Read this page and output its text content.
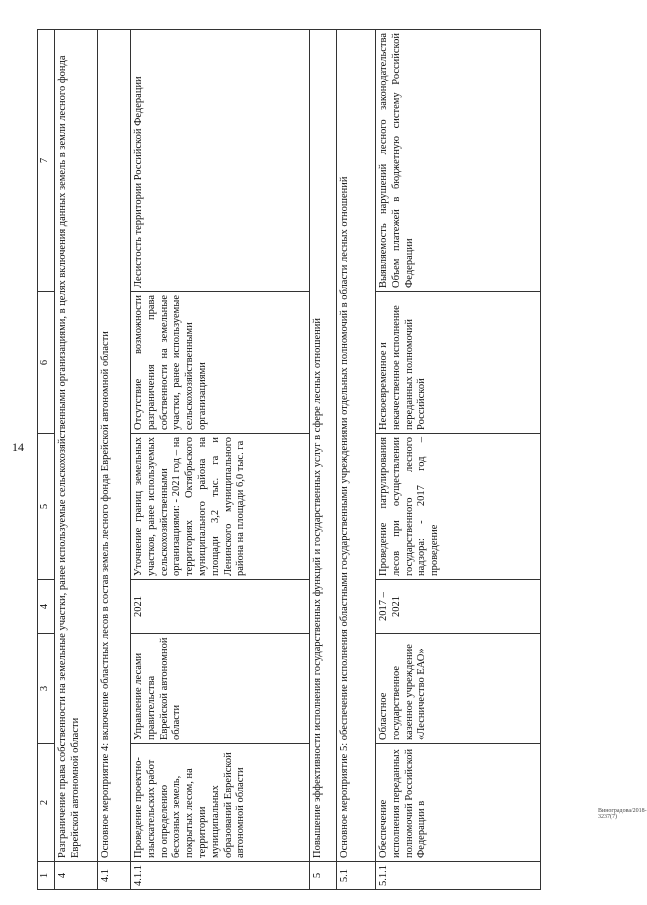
14
Виноградова/2018-3237(7)
1	2	3	4	5	6	7
4	Разграничение права собственности на земельные участки, ранее используемые сельскохозяйственными организациями, в целях включения данных земель в земли лесного фонда Еврейской автономной области					
4.1	Основное мероприятие 4: включение областных лесов в состав земель лесного фонда Еврейской автономной области					
4.1.1	Проведение проектно-изыскательских работ по определению бесхозных земель, покрытых лесом, на территории муниципальных образований Еврейской автономной области	Управление лесами правительства Еврейской автономной области	2021	Уточнение границ земельных участков, ранее используемых сельскохозяйственными организациями: - 2021 год – на территориях Октябрьского муниципального района на площади 3,2 тыс. га и Ленинского муниципального района на площади 6,0 тыс. га	Отсутствие возможности разграничения права собственности на земельные участки, ранее используемые сельскохозяйственными организациями	Лесистость территории Российской Федерации
5	Повышение эффективности исполнения государственных функций и государственных услуг в сфере лесных отношений					
5.1	Основное мероприятие 5: обеспечение исполнения областными государственными учреждениями отдельных полномочий в области лесных отношений					
5.1.1	Обеспечение исполнения переданных полномочий Российской Федерации в	Областное государственное казенное учреждение «Лесничество ЕАО»	2017 – 2021	Проведение патрулирования лесов при осуществлении государственного лесного надзора: - 2017 год – проведение	Несвоевременное и некачественное исполнение переданных полномочий Российской	Выявляемость нарушений лесного законодательства Объем платежей в бюджетную систему Российской Федерации
